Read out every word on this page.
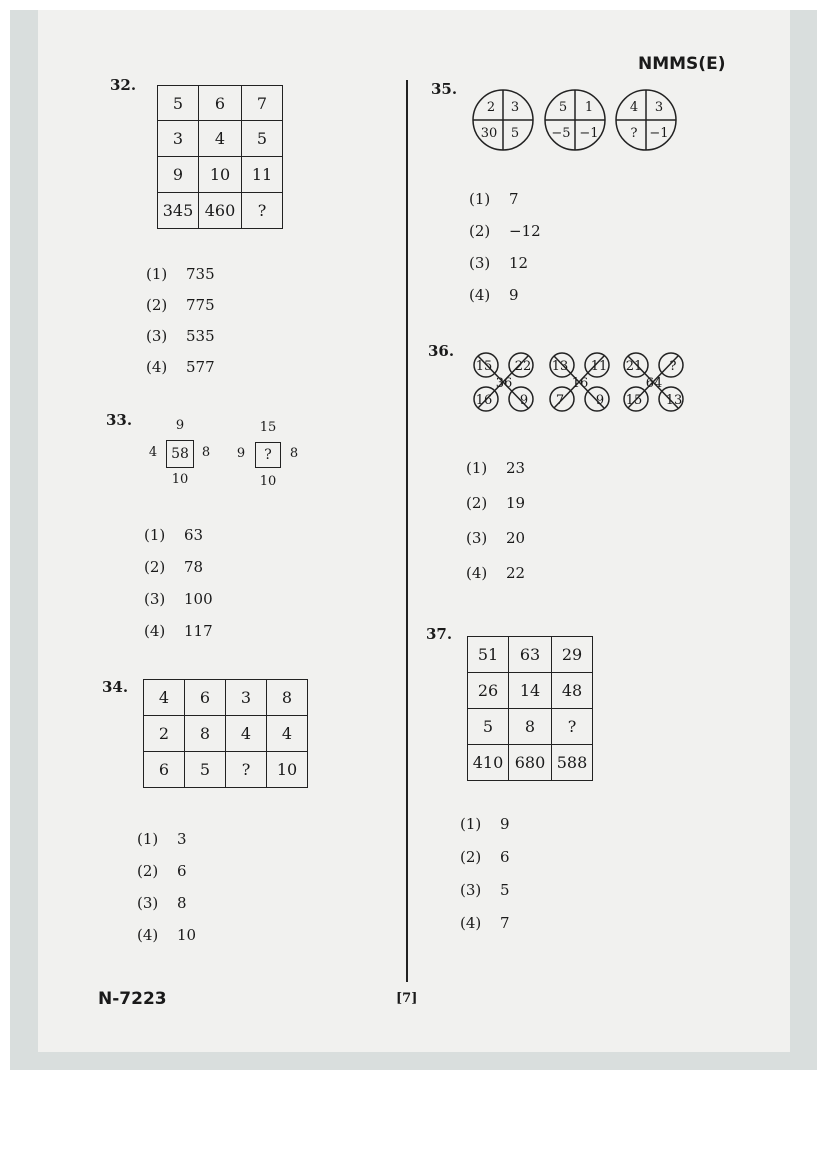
NMMS(E)
N-7223	[7]
32.
5	6	7
3	4	5
9	10	11
345	460	?
(1) 735
(2) 775
(3) 535
(4) 577
33.	9
4 58 8
10
15
9	?	8
10
(1) 63
(2) 78
(3) 100
(4) 117
34.
4	6	3	8
2	8	4	4
6	5	?	10
(1) 3
(2) 6
(3) 8
(4) 10
35.
2 3
30 5
5 1
−5 −1
4 3
? −1
(1) 7
(2) −12
(3) 12
(4) 9
36.
15 22
36
16 9
13 11
16
7 9
21 ?
64
15 13
(1) 23
(2) 19
(3) 20
(4) 22
37.
51	63	29
26	14	48
5	8	?
410	680	588
(1) 9
(2) 6
(3) 5
(4) 7
